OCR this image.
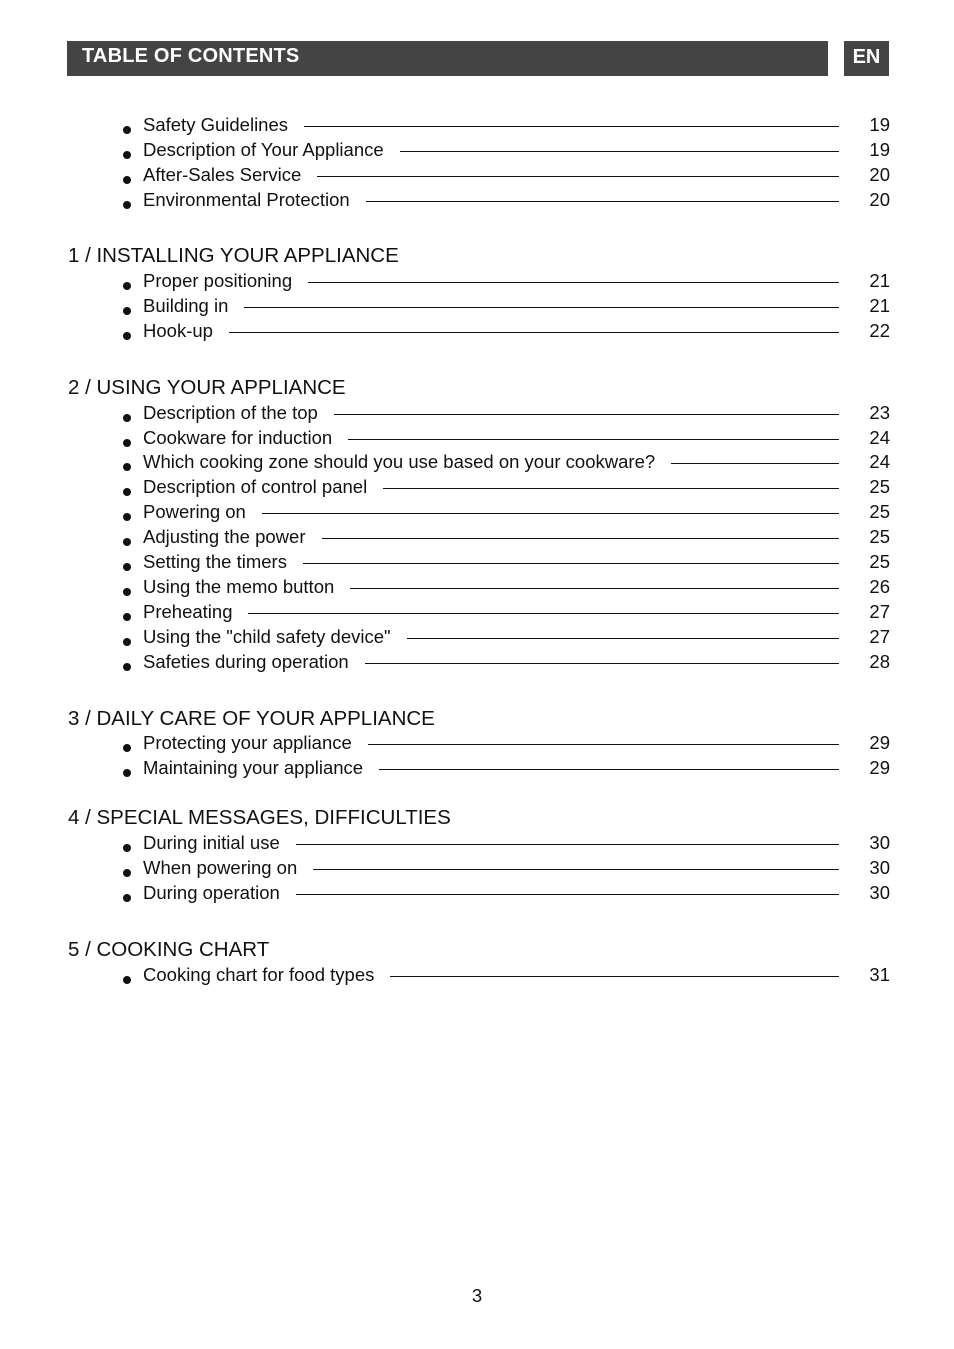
TABLE OF CONTENTS	EN
Safety Guidelines	19
Description of Your Appliance	19
After-Sales Service	20
Environmental Protection	20
1 / INSTALLING YOUR APPLIANCE
Proper positioning	21
Building in	21
Hook-up	22
2 / USING YOUR APPLIANCE
Description of the top	23
Cookware for induction	24
Which cooking zone should you use based on your cookware?	24
Description of control panel	25
Powering on	25
Adjusting the power	25
Setting the timers	25
Using the memo button	26
Preheating	27
Using the "child safety device"	27
Safeties during operation	28
3 / DAILY CARE OF YOUR APPLIANCE
Protecting your appliance	29
Maintaining your appliance	29
4 / SPECIAL MESSAGES, DIFFICULTIES
During initial use	30
When powering on	30
During operation	30
5 / COOKING CHART
Cooking chart for food types	31
3
